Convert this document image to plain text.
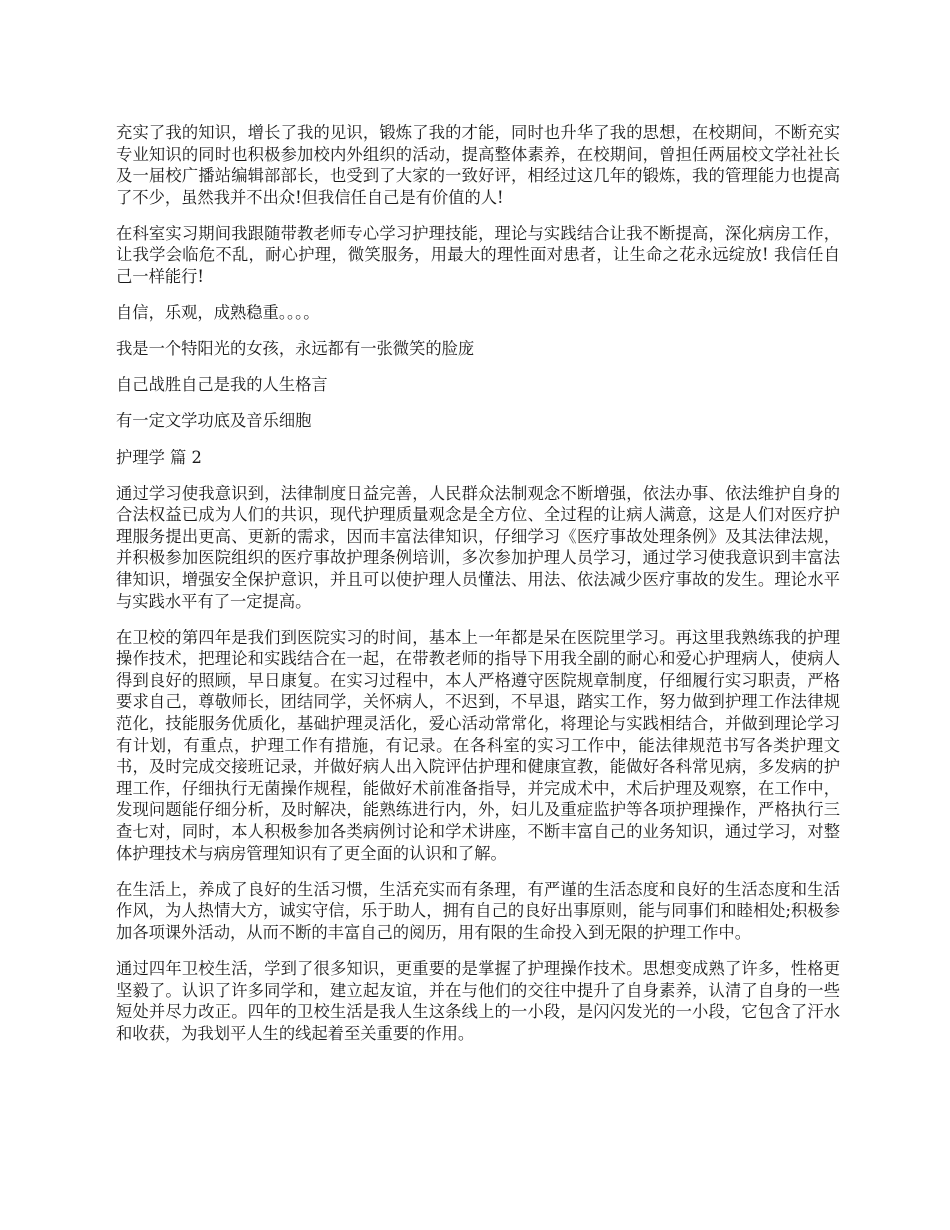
充实了我的知识，增长了我的见识，锻炼了我的才能，同时也升华了我的思想，在校期间，不断充实专业知识的同时也积极参加校内外组织的活动，提高整体素养，在校期间，曾担任两届校文学社社长及一届校广播站编辑部部长，也受到了大家的一致好评，相经过这几年的锻炼，我的管理能力也提高了不少，虽然我并不出众!但我信任自己是有价值的人!

在科室实习期间我跟随带教老师专心学习护理技能，理论与实践结合让我不断提高，深化病房工作，让我学会临危不乱，耐心护理，微笑服务，用最大的理性面对患者，让生命之花永远绽放! 我信任自己一样能行!

自信，乐观，成熟稳重。。。。

我是一个特阳光的女孩，永远都有一张微笑的脸庞

自己战胜自己是我的人生格言

有一定文学功底及音乐细胞

护理学 篇 2

通过学习使我意识到，法律制度日益完善，人民群众法制观念不断增强，依法办事、依法维护自身的合法权益已成为人们的共识，现代护理质量观念是全方位、全过程的让病人满意，这是人们对医疗护理服务提出更高、更新的需求，因而丰富法律知识，仔细学习《医疗事故处理条例》及其法律法规，并积极参加医院组织的医疗事故护理条例培训，多次参加护理人员学习，通过学习使我意识到丰富法律知识，增强安全保护意识，并且可以使护理人员懂法、用法、依法减少医疗事故的发生。理论水平与实践水平有了一定提高。

在卫校的第四年是我们到医院实习的时间，基本上一年都是呆在医院里学习。再这里我熟练我的护理操作技术，把理论和实践结合在一起，在带教老师的指导下用我全副的耐心和爱心护理病人，使病人得到良好的照顾，早日康复。在实习过程中，本人严格遵守医院规章制度，仔细履行实习职责，严格要求自己，尊敬师长，团结同学，关怀病人，不迟到，不早退，踏实工作，努力做到护理工作法律规范化，技能服务优质化，基础护理灵活化，爱心活动常常化，将理论与实践相结合，并做到理论学习有计划，有重点，护理工作有措施，有记录。在各科室的实习工作中，能法律规范书写各类护理文书，及时完成交接班记录，并做好病人出入院评估护理和健康宣教，能做好各科常见病，多发病的护理工作，仔细执行无菌操作规程，能做好术前准备指导，并完成术中，术后护理及观察，在工作中，发现问题能仔细分析，及时解决，能熟练进行内，外，妇儿及重症监护等各项护理操作，严格执行三查七对，同时，本人积极参加各类病例讨论和学术讲座，不断丰富自己的业务知识，通过学习，对整体护理技术与病房管理知识有了更全面的认识和了解。

在生活上，养成了良好的生活习惯，生活充实而有条理，有严谨的生活态度和良好的生活态度和生活作风，为人热情大方，诚实守信，乐于助人，拥有自己的良好出事原则，能与同事们和睦相处;积极参加各项课外活动，从而不断的丰富自己的阅历，用有限的生命投入到无限的护理工作中。

通过四年卫校生活，学到了很多知识，更重要的是掌握了护理操作技术。思想变成熟了许多，性格更坚毅了。认识了许多同学和，建立起友谊，并在与他们的交往中提升了自身素养，认清了自身的一些短处并尽力改正。四年的卫校生活是我人生这条线上的一小段，是闪闪发光的一小段，它包含了汗水和收获，为我划平人生的线起着至关重要的作用。
